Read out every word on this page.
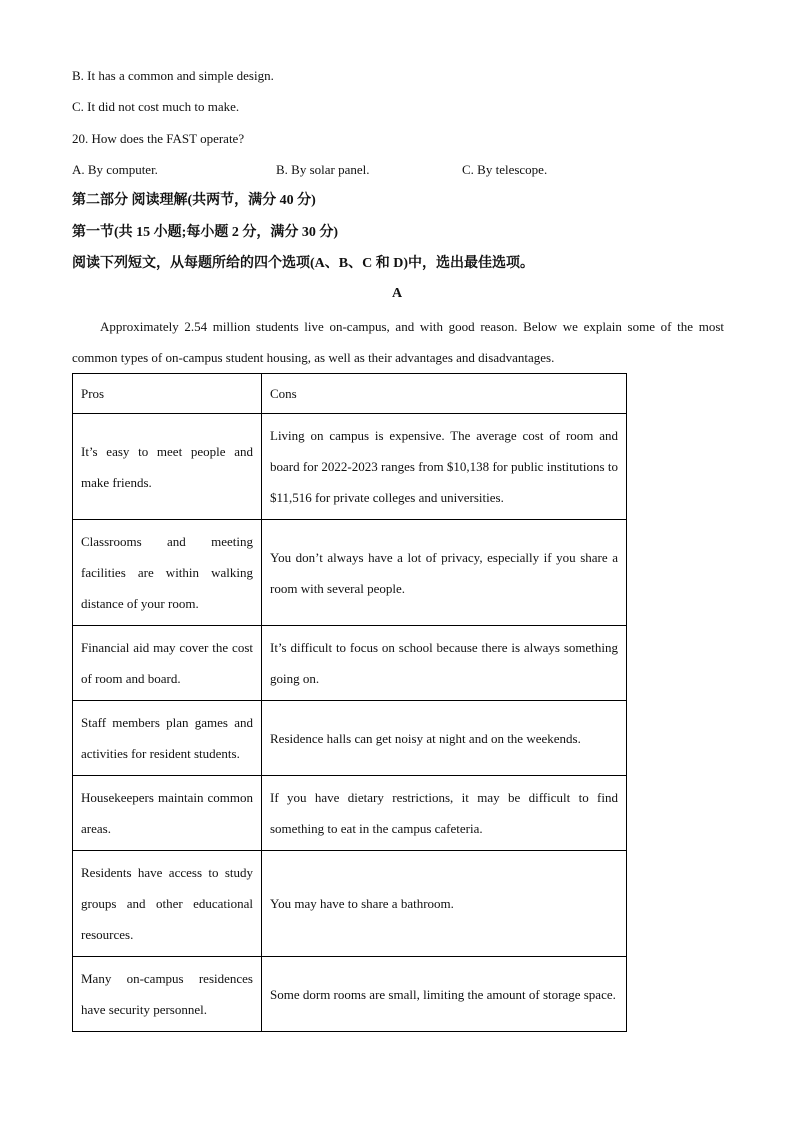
B. It has a common and simple design.
C. It did not cost much to make.
20. How does the FAST operate?
A. By computer.	B. By solar panel.	C. By telescope.
第二部分 阅读理解(共两节，满分 40 分)
第一节(共 15 小题;每小题 2 分，满分 30 分)
阅读下列短文，从每题所给的四个选项(A、B、C 和 D)中，选出最佳选项。
A
Approximately 2.54 million students live on-campus, and with good reason. Below we explain some of the most common types of on-campus student housing, as well as their advantages and disadvantages.
Pros	Cons
It’s easy to meet people and make friends.	Living on campus is expensive. The average cost of room and board for 2022-2023 ranges from $10,138 for public institutions to $11,516 for private colleges and universities.
Classrooms and meeting facilities are within walking distance of your room.	You don’t always have a lot of privacy, especially if you share a room with several people.
Financial aid may cover the cost of room and board.	It’s difficult to focus on school because there is always something going on.
Staff members plan games and activities for resident students.	Residence halls can get noisy at night and on the weekends.
Housekeepers maintain common areas.	If you have dietary restrictions, it may be difficult to find something to eat in the campus cafeteria.
Residents have access to study groups and other educational resources.	You may have to share a bathroom.
Many on-campus residences have security personnel.	Some dorm rooms are small, limiting the amount of storage space.
